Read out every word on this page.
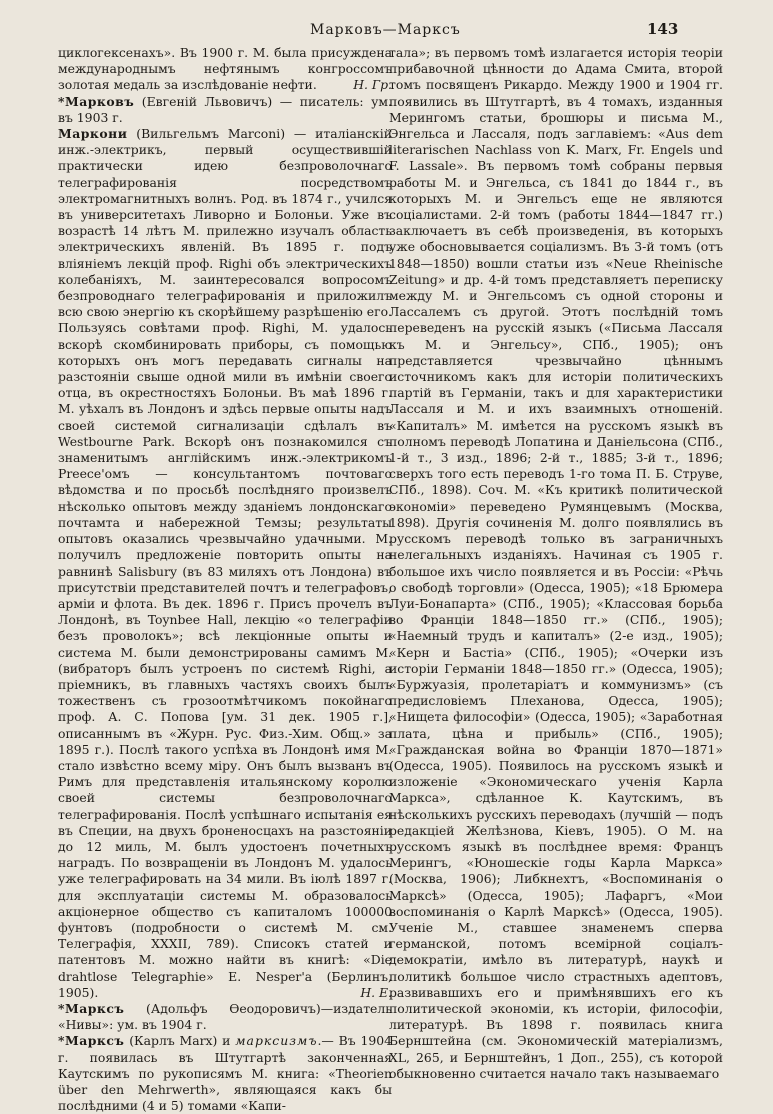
Марковъ—Марксъ	143

циклогексенахъ». Въ 1900 г. М. была присуждена международнымъ нефтянымъ конгроссомъ золотая медаль за изслѣдованіе нефти.	Н. Гр.

*Марковъ (Евгеній Львовичъ) — писатель: ум. въ 1903 г.

Маркони (Вильгельмъ Marconi) — италіанскій инж.-электрикъ, первый осуществившій практически идею безпроволочнаго телеграфированія посредствомъ электромагнитныхъ волнъ. Род. въ 1874 г., учился въ университетахъ Ливорно и Болоньи. Уже въ возрастѣ 14 лѣтъ М. прилежно изучалъ область электрическихъ явленій. Въ 1895 г. подъ вліяніемъ лекцій проф. Righi объ электрическихъ колебаніяхъ, М. заинтересовался вопросомъ безпроводнаго телеграфированія и приложилъ всю свою энергію къ скорѣйшему разрѣшенію его. Пользуясь совѣтами проф. Righi, М. удалось вскорѣ скомбинировать приборы, съ помощью которыхъ онъ могъ передавать сигналы на разстояніи свыше одной мили въ имѣніи своего отца, въ окрестностяхъ Болоньи. Въ маѣ 1896 г. М. уѣхалъ въ Лондонъ и здѣсь первые опыты надъ своей системой сигнализаціи сдѣлалъ въ Westbourne Park. Вскорѣ онъ познакомился съ знаменитымъ англійскимъ инж.-электрикомъ Preece'омъ — консультантомъ почтоваго вѣдомства и по просьбѣ послѣдняго произвелъ нѣсколько опытовъ между зданіемъ лондонскаго почтамта и набережной Темзы; результаты опытовъ оказались чрезвычайно удачными. М. получилъ предложеніе повторить опыты на равнинѣ Salisbury (въ 83 миляхъ отъ Лондона) въ присутствіи представителей почтъ и телеграфовъ, арміи и флота. Въ дек. 1896 г. Присъ прочелъ въ Лондонѣ, въ Toynbee Hall, лекцію «о телеграфіи безъ проволокъ»; всѣ лекціонные опыты и система М. были демонстрированы самимъ М. (вибраторъ былъ устроенъ по системѣ Righi, а пріемникъ, въ главныхъ частяхъ своихъ былъ тожественъ съ грозоотмѣтчикомъ покойнаго проф. А. С. Попова [ум. 31 дек. 1905 г.], описаннымъ въ «Журн. Рус. Физ.-Хим. Общ.» за 1895 г.). Послѣ такого успѣха въ Лондонѣ имя М. стало извѣстно всему міру. Онъ былъ вызванъ въ Римъ для представленія итальянскому королю своей системы безпроволочнаго телеграфированія. Послѣ успѣшнаго испытанія ея въ Специи, на двухъ броненосцахъ на разстояніи до 12 миль, М. былъ удостоенъ почетныхъ наградъ. По возвращеніи въ Лондонъ М. удалось уже телеграфировать на 34 мили. Въ іюлѣ 1897 г. для эксплуатаціи системы М. образовалось акціонерное общество съ капиталомъ 100000 фунтовъ (подробности о системѣ М. см. Телеграфія, XXXII, 789). Списокъ статей и патентовъ М. можно найти въ книгѣ: «Die drahtlose Telegraphie» E. Nesper'a (Берлинъ, 1905).	Н. Е.

*Марксъ (Адольфъ Ѳеодоровичъ)—издатель «Нивы»: ум. въ 1904 г.

*Марксъ (Карлъ Marx) и марксизмъ.— Въ 1904 г. появилась въ Штутгартѣ законченная Каутскимъ по рукописямъ М. книга: «Theorien über den Mehrwerth», являющаяся какъ бы послѣдними (4 и 5) томами «Капи-

тала»; въ первомъ томѣ излагается исторія теоріи прибавочной цѣнности до Адама Смита, второй томъ посвященъ Рикардо. Между 1900 и 1904 гг. появились въ Штутгартѣ, въ 4 томахъ, изданныя Мерингомъ статьи, брошюры и письма М., Энгельса и Лассаля, подъ заглавіемъ: «Aus dem literarischen Nachlass von K. Marx, Fr. Engels und F. Lassale». Въ первомъ томѣ собраны первыя работы М. и Энгельса, съ 1841 до 1844 г., въ которыхъ М. и Энгельсъ еще не являются соціалистами. 2-й томъ (работы 1844—1847 гг.) заключаетъ въ себѣ произведенія, въ которыхъ уже обосновывается соціализмъ. Въ 3-й томъ (отъ 1848—1850) вошли статьи изъ «Neue Rheinische Zeitung» и др. 4-й томъ представляетъ переписку между М. и Энгельсомъ съ одной стороны и Лассалемъ съ другой. Этотъ послѣдній томъ переведенъ на русскій языкъ («Письма Лассаля къ М. и Энгельсу», СПб., 1905); онъ представляется чрезвычайно цѣннымъ источникомъ какъ для исторіи политическихъ партій въ Германіи, такъ и для характеристики Лассаля и М. и ихъ взаимныхъ отношеній. «Капиталъ» М. имѣется на русскомъ языкѣ въ полномъ переводѣ Лопатина и Даніельсона (СПб., 1-й т., 3 изд., 1896; 2-й т., 1885; 3-й т., 1896; сверхъ того есть переводъ 1-го тома П. Б. Струве, СПб., 1898). Соч. М. «Къ критикѣ политической экономіи» переведено Румянцевымъ (Москва, 1898). Другія сочиненія М. долго появлялись въ русскомъ переводѣ только въ заграничныхъ нелегальныхъ изданіяхъ. Начиная съ 1905 г. большое ихъ число появляется и въ Россіи: «Рѣчь о свободѣ торговли» (Одесса, 1905); «18 Брюмера Луи-Бонапарта» (СПб., 1905); «Классовая борьба во Франціи 1848—1850 гг.» (СПб., 1905); «Наемный трудъ и капиталъ» (2-е изд., 1905); «Керн и Бастіа» (СПб., 1905); «Очерки изъ исторіи Германіи 1848—1850 гг.» (Одесса, 1905); «Буржуазія, пролетаріатъ и коммунизмъ» (съ предисловіемъ Плеханова, Одесса, 1905); «Нищета философіи» (Одесса, 1905); «Заработная плата, цѣна и прибыль» (СПб., 1905); «Гражданская война во Франціи 1870—1871» (Одесса, 1905). Появилось на русскомъ языкѣ и изложеніе «Экономическаго ученія Карла Маркса», сдѣланное К. Каутскимъ, въ нѣсколькихъ русскихъ переводахъ (лучшій — подъ редакціей Желѣзнова, Кіевъ, 1905). О М. на русскомъ языкѣ въ послѣднее время: Францъ Мерингъ, «Юношескіе годы Карла Маркса» (Москва, 1906); Либкнехтъ, «Воспоминанія о Марксѣ» (Одесса, 1905); Лафаргъ, «Мои воспоминанія о Карлѣ Марксѣ» (Одесса, 1905). Ученіе М., ставшее знаменемъ сперва германской, потомъ всемірной соціалъ-демократіи, имѣло въ литературѣ, наукѣ и политикѣ большое число страстныхъ адептовъ, развивавшихъ его и примѣнявшихъ его къ политической экономіи, къ исторіи, философіи, литературѣ. Въ 1898 г. появилась книга Бернштейна (см. Экономическій матеріализмъ, XL, 265, и Бернштейнъ, 1 Доп., 255), съ которой обыкновенно считается начало такъ называемаго
